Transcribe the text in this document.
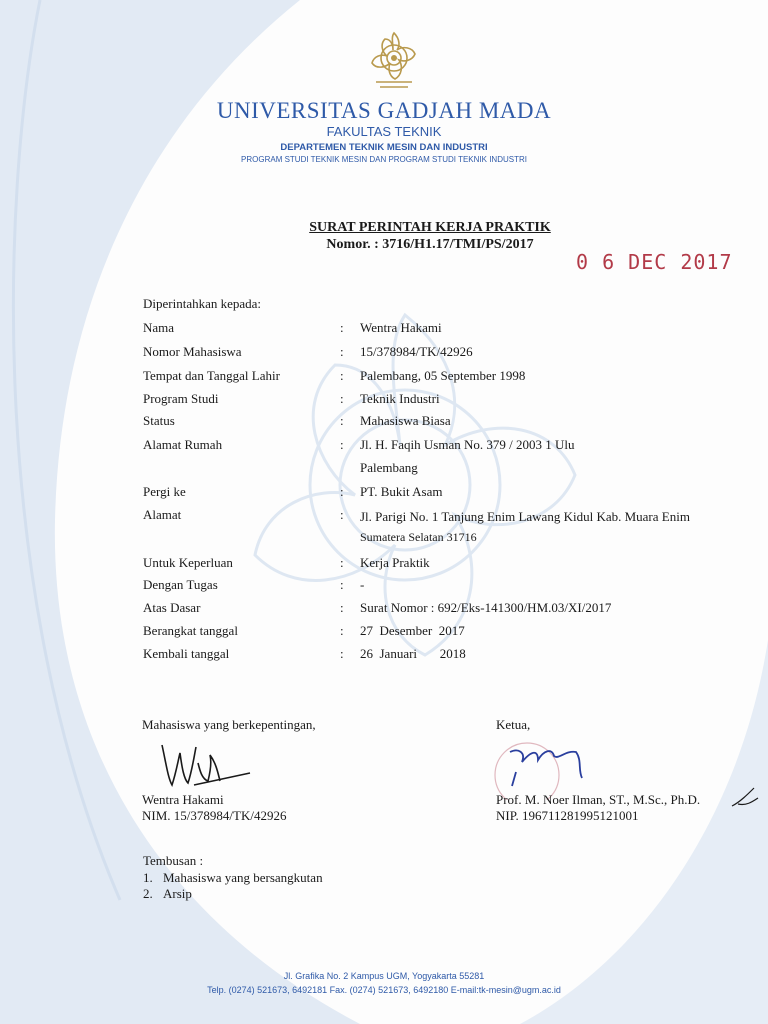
UNIVERSITAS GADJAH MADA
FAKULTAS TEKNIK
DEPARTEMEN TEKNIK MESIN DAN INDUSTRI
PROGRAM STUDI TEKNIK MESIN DAN PROGRAM STUDI TEKNIK INDUSTRI
SURAT PERINTAH KERJA PRAKTIK
Nomor. : 3716/H1.17/TMI/PS/2017
0 6 DEC 2017
Diperintahkan kepada:
Nama	: Wentra Hakami
Nomor Mahasiswa	: 15/378984/TK/42926
Tempat dan Tanggal Lahir	: Palembang, 05 September 1998
Program Studi	: Teknik Industri
Status	: Mahasiswa Biasa
Alamat Rumah	: Jl. H. Faqih Usman No. 379 / 2003 1 Ulu
Palembang
Pergi ke	: PT. Bukit Asam
Alamat	: Jl. Parigi No. 1 Tanjung Enim Lawang Kidul Kab. Muara Enim
Sumatera Selatan 31716
Untuk Keperluan	: Kerja Praktik
Dengan Tugas	: -
Atas Dasar	: Surat Nomor : 692/Eks-141300/HM.03/XI/2017
Berangkat tanggal	: 27  Desember  2017
Kembali tanggal	: 26  Januari       2018
Mahasiswa yang berkepentingan,	Ketua,
Wentra Hakami
NIM. 15/378984/TK/42926
Prof. M. Noer Ilman, ST., M.Sc., Ph.D.
NIP. 196711281995121001
Tembusan :
1. Mahasiswa yang bersangkutan
2. Arsip
Jl. Grafika No. 2 Kampus UGM, Yogyakarta 55281
Telp. (0274) 521673, 6492181 Fax. (0274) 521673, 6492180 E-mail:tk-mesin@ugm.ac.id
